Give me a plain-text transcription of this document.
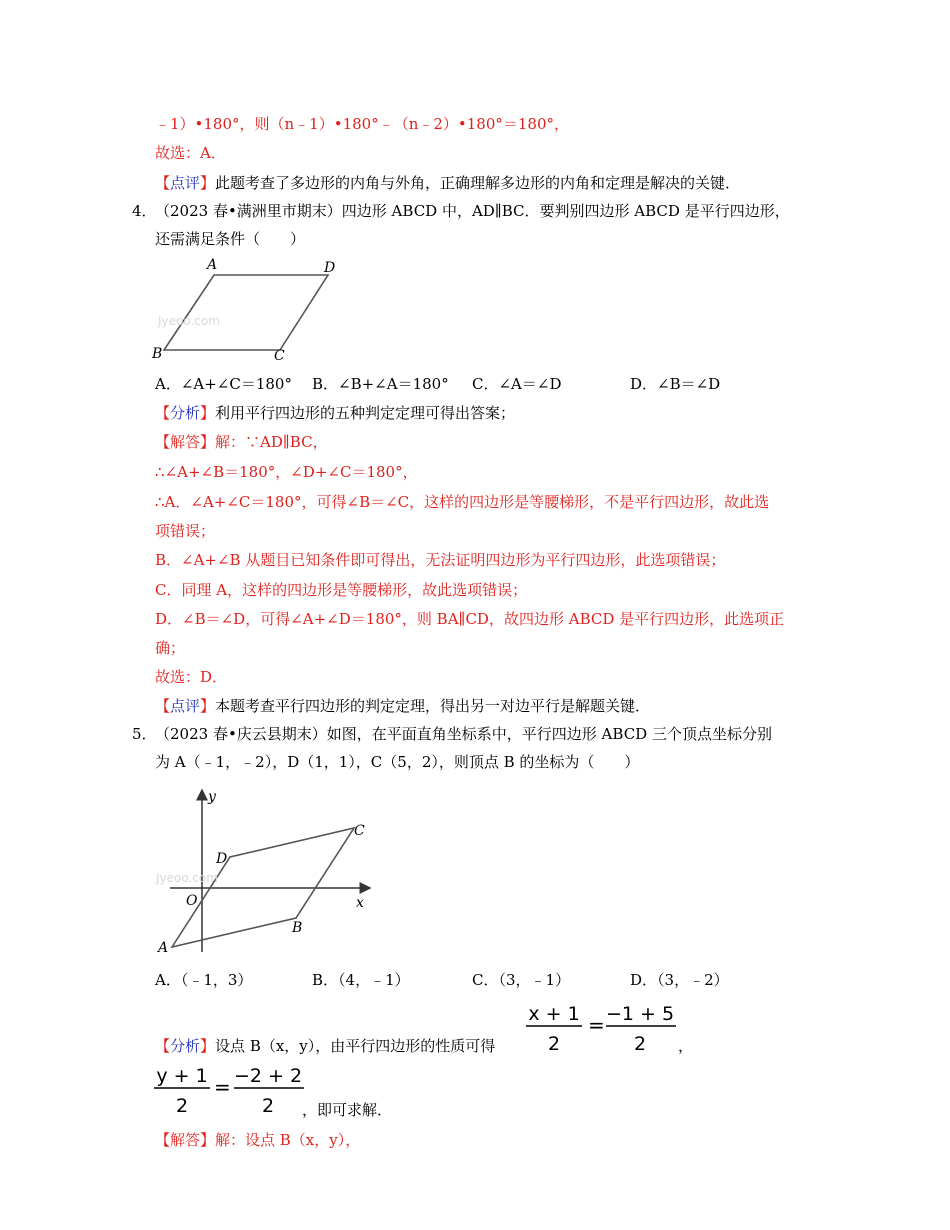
﹣1）•180°，则（n﹣1）•180°﹣（n﹣2）•180°＝180°，
故选：A．
【点评】此题考查了多边形的内角与外角，正确理解多边形的内角和定理是解决的关键．
4．
（2023 春•满洲里市期末）四边形 ABCD 中，AD∥BC．要判别四边形 ABCD 是平行四边形，
还需满足条件（　　）
Jyeoo.com
A	D
B	C
A．∠A+∠C＝180° B．∠B+∠A＝180° C．∠A＝∠D	D．∠B＝∠D
【分析】利用平行四边形的五种判定定理可得出答案；
【解答】解：∵AD∥BC，
∴∠A+∠B＝180°，∠D+∠C＝180°，
∴A．∠A+∠C＝180°，可得∠B＝∠C，这样的四边形是等腰梯形，不是平行四边形，故此选
项错误；
B．∠A+∠B 从题目已知条件即可得出，无法证明四边形为平行四边形，此选项错误；
C．同理 A，这样的四边形是等腰梯形，故此选项错误；
D．∠B＝∠D，可得∠A+∠D＝180°，则 BA∥CD，故四边形 ABCD 是平行四边形，此选项正
确；
故选：D．
【点评】本题考查平行四边形的判定定理，得出另一对边平行是解题关键．
5．
（2023 春•庆云县期末）如图，在平面直角坐标系中，平行四边形 ABCD 三个顶点坐标分别
为 A（﹣1，﹣2），D（1，1），C（5，2），则顶点 B 的坐标为（　　）
Jyeoo.com
y
x
O
A
B
C
D
A．（﹣1，3）	B．（4，﹣1）	C．（3，﹣1）	D．（3，﹣2）
x + 1
2
= −1 + 5
2
【分析】设点 B（x，y），由平行四边形的性质可得	，
y + 1
2
= −2 + 2
2 ，即可求解．
【解答】解：设点 B（x，y），
